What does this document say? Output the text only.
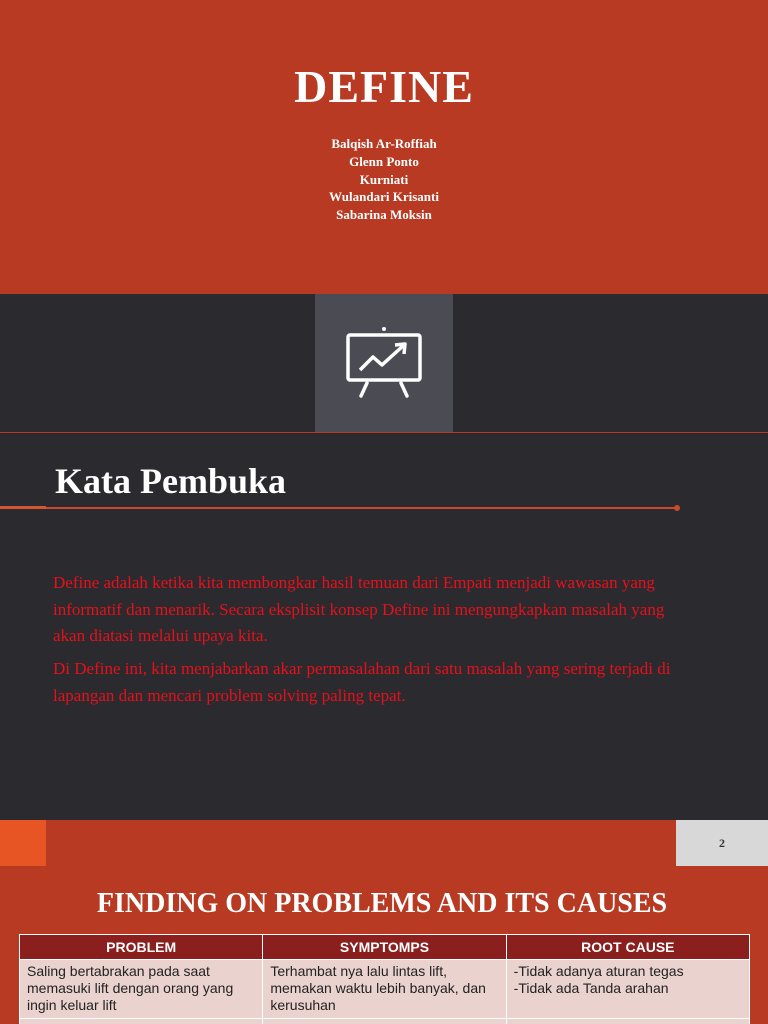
DEFINE
Balqish Ar-Roffiah
Glenn Ponto
Kurniati
Wulandari Krisanti
Sabarina Moksin
Kata Pembuka

Define adalah ketika kita membongkar hasil temuan dari Empati menjadi wawasan yang informatif dan menarik. Secara eksplisit konsep Define ini mengungkapkan masalah yang akan diatasi melalui upaya kita.

Di Define ini, kita menjabarkan akar permasalahan dari satu masalah yang sering terjadi di lapangan dan mencari problem solving paling tepat.

2
FINDING ON PROBLEMS AND ITS CAUSES
PROBLEM	SYMPTOMPS	ROOT CAUSE
Saling bertabrakan pada saat memasuki lift dengan orang yang ingin keluar lift	Terhambat nya lalu lintas lift, memakan waktu lebih banyak, dan kerusuhan	-Tidak adanya aturan tegas
-Tidak ada Tanda arahan
